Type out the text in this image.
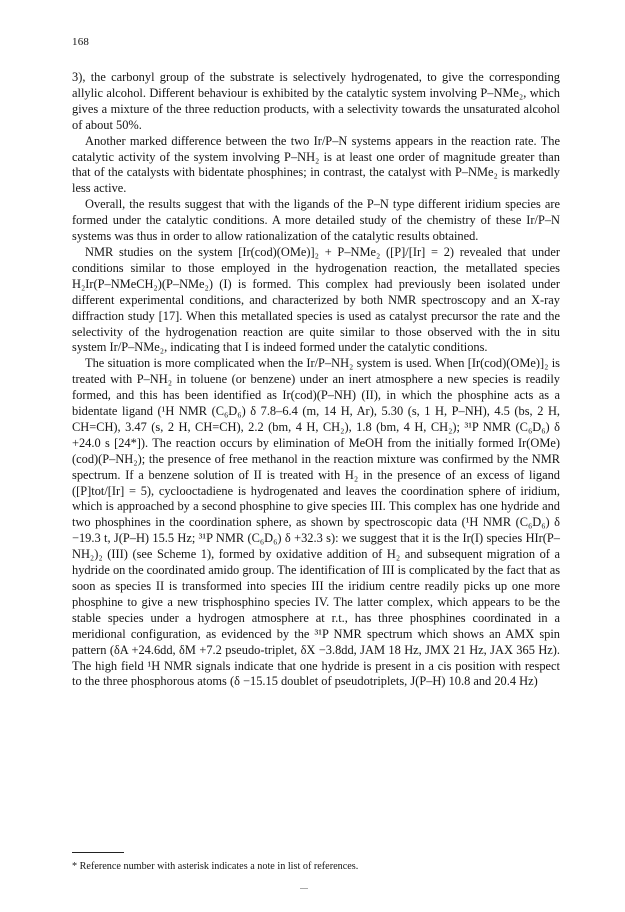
168

3), the carbonyl group of the substrate is selectively hydrogenated, to give the corresponding allylic alcohol. Different behaviour is exhibited by the catalytic system involving P–NMe₂, which gives a mixture of the three reduction products, with a selectivity towards the unsaturated alcohol of about 50%.

Another marked difference between the two Ir/P–N systems appears in the reaction rate. The catalytic activity of the system involving P–NH₂ is at least one order of magnitude greater than that of the catalysts with bidentate phosphines; in contrast, the catalyst with P–NMe₂ is markedly less active.

Overall, the results suggest that with the ligands of the P–N type different iridium species are formed under the catalytic conditions. A more detailed study of the chemistry of these Ir/P–N systems was thus in order to allow rationalization of the catalytic results obtained.

NMR studies on the system [Ir(cod)(OMe)]₂ + P–NMe₂ ([P]/[Ir] = 2) revealed that under conditions similar to those employed in the hydrogenation reaction, the metallated species H₂Ir(P–NMeCH₂)(P–NMe₂) (I) is formed. This complex had previously been isolated under different experimental conditions, and characterized by both NMR spectroscopy and an X-ray diffraction study [17]. When this metallated species is used as catalyst precursor the rate and the selectivity of the hydrogenation reaction are quite similar to those observed with the in situ system Ir/P–NMe₂, indicating that I is indeed formed under the catalytic conditions.

The situation is more complicated when the Ir/P–NH₂ system is used. When [Ir(cod)(OMe)]₂ is treated with P–NH₂ in toluene (or benzene) under an inert atmosphere a new species is readily formed, and this has been identified as Ir(cod)(P–NH) (II), in which the phosphine acts as a bidentate ligand (¹H NMR (C₆D₆) δ 7.8–6.4 (m, 14 H, Ar), 5.30 (s, 1 H, P–NH), 4.5 (bs, 2 H, CH=CH), 3.47 (s, 2 H, CH=CH), 2.2 (bm, 4 H, CH₂), 1.8 (bm, 4 H, CH₂); ³¹P NMR (C₆D₆) δ +24.0 s [24*]). The reaction occurs by elimination of MeOH from the initially formed Ir(OMe)(cod)(P–NH₂); the presence of free methanol in the reaction mixture was confirmed by the NMR spectrum. If a benzene solution of II is treated with H₂ in the presence of an excess of ligand ([P]tot/[Ir] = 5), cyclooctadiene is hydrogenated and leaves the coordination sphere of iridium, which is approached by a second phosphine to give species III. This complex has one hydride and two phosphines in the coordination sphere, as shown by spectroscopic data (¹H NMR (C₆D₆) δ −19.3 t, J(P–H) 15.5 Hz; ³¹P NMR (C₆D₆) δ +32.3 s): we suggest that it is the Ir(I) species HIr(P–NH₂)₂ (III) (see Scheme 1), formed by oxidative addition of H₂ and subsequent migration of a hydride on the coordinated amido group. The identification of III is complicated by the fact that as soon as species II is transformed into species III the iridium centre readily picks up one more phosphine to give a new trisphosphino species IV. The latter complex, which appears to be the stable species under a hydrogen atmosphere at r.t., has three phosphines coordinated in a meridional configuration, as evidenced by the ³¹P NMR spectrum which shows an AMX spin pattern (δA +24.6dd, δM +7.2 pseudo-triplet, δX −3.8dd, JAM 18 Hz, JMX 21 Hz, JAX 365 Hz). The high field ¹H NMR signals indicate that one hydride is present in a cis position with respect to the three phosphorous atoms (δ −15.15 doublet of pseudotriplets, J(P–H) 10.8 and 20.4 Hz)

* Reference number with asterisk indicates a note in list of references.
